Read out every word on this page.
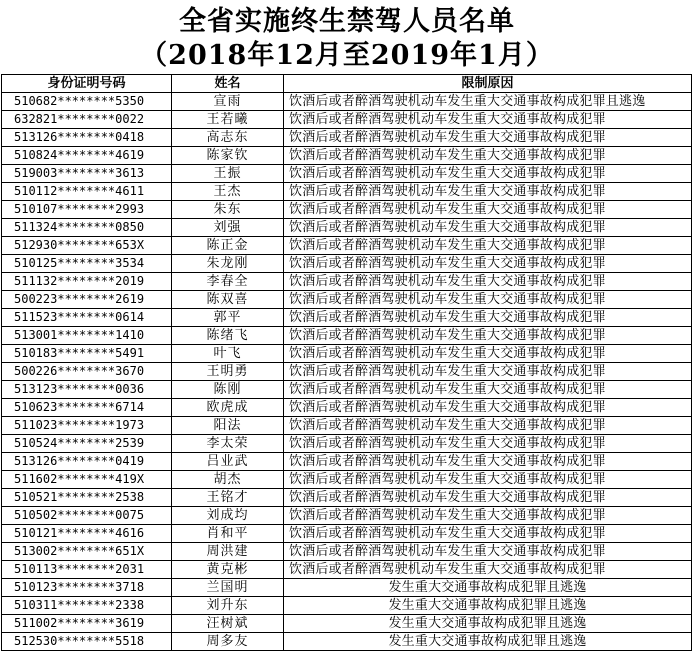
全省实施终生禁驾人员名单
（2018年12月至2019年1月）
身份证明号码	姓名	限制原因
510682********5350	宣雨	饮酒后或者醉酒驾驶机动车发生重大交通事故构成犯罪且逃逸
632821********0022	王若曦	饮酒后或者醉酒驾驶机动车发生重大交通事故构成犯罪
513126********0418	高志东	饮酒后或者醉酒驾驶机动车发生重大交通事故构成犯罪
510824********4619	陈家钦	饮酒后或者醉酒驾驶机动车发生重大交通事故构成犯罪
519003********3613	王振	饮酒后或者醉酒驾驶机动车发生重大交通事故构成犯罪
510112********4611	王杰	饮酒后或者醉酒驾驶机动车发生重大交通事故构成犯罪
510107********2993	朱东	饮酒后或者醉酒驾驶机动车发生重大交通事故构成犯罪
511324********0850	刘强	饮酒后或者醉酒驾驶机动车发生重大交通事故构成犯罪
512930********653X	陈正金	饮酒后或者醉酒驾驶机动车发生重大交通事故构成犯罪
510125********3534	朱龙刚	饮酒后或者醉酒驾驶机动车发生重大交通事故构成犯罪
511132********2019	李春全	饮酒后或者醉酒驾驶机动车发生重大交通事故构成犯罪
500223********2619	陈双喜	饮酒后或者醉酒驾驶机动车发生重大交通事故构成犯罪
511523********0614	郭平	饮酒后或者醉酒驾驶机动车发生重大交通事故构成犯罪
513001********1410	陈绪飞	饮酒后或者醉酒驾驶机动车发生重大交通事故构成犯罪
510183********5491	叶飞	饮酒后或者醉酒驾驶机动车发生重大交通事故构成犯罪
500226********3670	王明勇	饮酒后或者醉酒驾驶机动车发生重大交通事故构成犯罪
513123********0036	陈刚	饮酒后或者醉酒驾驶机动车发生重大交通事故构成犯罪
510623********6714	欧虎成	饮酒后或者醉酒驾驶机动车发生重大交通事故构成犯罪
511023********1973	阳法	饮酒后或者醉酒驾驶机动车发生重大交通事故构成犯罪
510524********2539	李太荣	饮酒后或者醉酒驾驶机动车发生重大交通事故构成犯罪
513126********0419	吕业武	饮酒后或者醉酒驾驶机动车发生重大交通事故构成犯罪
511602********419X	胡杰	饮酒后或者醉酒驾驶机动车发生重大交通事故构成犯罪
510521********2538	王铭才	饮酒后或者醉酒驾驶机动车发生重大交通事故构成犯罪
510502********0075	刘成均	饮酒后或者醉酒驾驶机动车发生重大交通事故构成犯罪
510121********4616	肖和平	饮酒后或者醉酒驾驶机动车发生重大交通事故构成犯罪
513002********651X	周洪建	饮酒后或者醉酒驾驶机动车发生重大交通事故构成犯罪
510113********2031	黄克彬	饮酒后或者醉酒驾驶机动车发生重大交通事故构成犯罪
510123********3718	兰国明	发生重大交通事故构成犯罪且逃逸
510311********2338	刘升东	发生重大交通事故构成犯罪且逃逸
511002********3619	汪树斌	发生重大交通事故构成犯罪且逃逸
512530********5518	周多友	发生重大交通事故构成犯罪且逃逸
